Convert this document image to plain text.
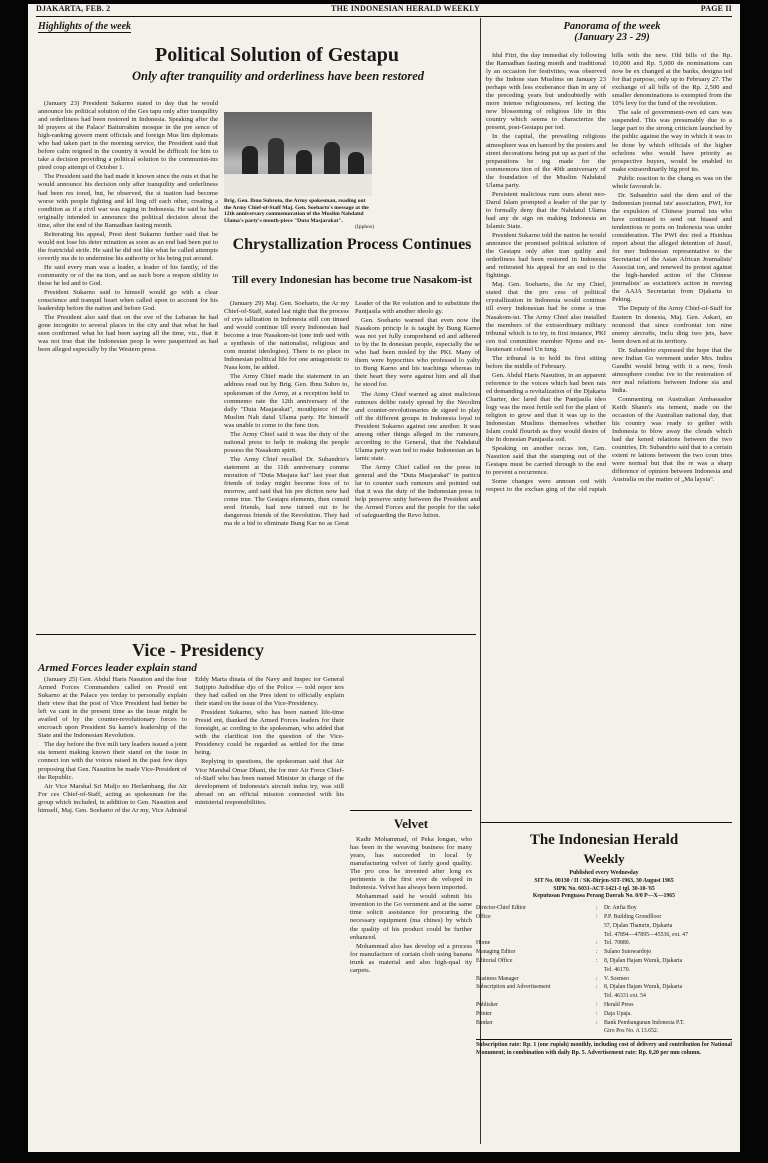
DJAKARTA, FEB. 2	THE INDONESIAN HERALD WEEKLY	PAGE II
Highlights of the week	Panorama of the week
(January 23 - 29)
Political Solution of Gestapu
Only after tranquility and orderliness have been restored

(January 23) President Sukarno stated to day that he would announce his political solution of the Ges tapu only after tranquility and orderliness had been restored in Indonesia. Speaking after the Id prayers at the Palace' Baiturrahim mosque in the pre sence of high-ranking govern ment officials and foreign Mus lim diplomats who had taken part in the morning service, the President said that before calm reigned in the country it would be difficult for him to take a decision providing a political solution to the communist-ins pired coup attempt of October 1.

The President said the had made it known since the outs et that he would announce his decision only after tranquility and orderliness had been res tored, but, he observed, the si tuation had become worse with people fighting and kil ling off each other, creating a condition as if a civil war was raging in Indonesia. He said he had originally intended to announce the political decision about the time, after the end of the Ramadhan fasting month.

Reiterating his appeal, Presi dent Sukarno further said that he would not lose his deter mination as soon as an end had been put to the fratricidal strife. He said he did not like what he called attempts covertly ma de to undermine his authority or his being put around.

He said every man was a leader, a leader of his family, of the community or of the na tion, and as such bore a respon sibility to those he led and to God.

President Sukarno said to himself would go with a clear conscience and tranquil heart when called upon to account for his leadership before the nation and before God.

The President also said that on the eve of the Lebaran he had gone incognito to several places in the city and that what he had seen confirmed what he had been saying all the time, viz., that it was not true that the Indonesian peop le were pauperized as had been alleged especially by the Western press.

Brig. Gen. Ibnu Subroto, the Army spokesman, reading out the Army Chief-of-Staff Maj. Gen. Soeharto's message at the 12th anniversary commemoration of the Muslim Nahdatul Ulama's party's mouth-piece "Duta Masjarakat".
(Ipphos)
Chrystallization Process Continues
Till every Indonesian has become true Nasakom-ist

(January 29) Maj. Gen. Soeharto, the Ar my Chief-of-Staff, stated last night that the process of crys tallization in Indonesia still con tinued and would continue till every Indonesian had become a true Nasakom-ist (one imb ued with a synthesis of the nationalist, religious and com munist ideologies). There is no place in Indonesian political life for one antagonistic to Nasa kom, he added.

The Army Chief made the statement in an address read out by Brig. Gen. Ibnu Subro to, spokesman of the Army, at a reception held to commemo rate the 12th anniversary of the daily "Duta Masjarakat", mouthpiece of the Muslim Nah datul Ulama party. He himself was unable to come to the func tion.

The Army Chief said it was the duty of the national press to help in making the people possess the Nasakom spirit.

The Army Chief recalled Dr. Subandrio's statement at the 11th anniversary comme moration of "Duta Masjara kat" last year that friends of today might become foes of to morrow, and said that his pre diction now had come true. The Gestapu elements, then consid ered friends, had now turned out to be dangerous friends of the Revolution. They had ma de a bid to eliminate Bung Kar no as Great Leader of the Re volution and to substitute the Pantjasila with another ideolo gy.

Gen. Soeharto warned that even now the Nasakom princip le is taught by Bung Karno was not yet fully comprehend ed and adhered to by the In donesian people, especially the se who had been misled by the PKI. Many of them were hypocrites who professed lo yalty to Bung Karno and his teachings whereas in their heart they were against him and all that he stood for.

The Army Chief warned ag ainst malicious rumours delibe rately spread by the Necolim and counter-revolutionaries de signed to play off the different groups in Indonesia loyal to President Sukarno against one another. It was among other things alleged in the rumours, according to the General, that the Nahdatul Ulama party wan ted to make Indonesian an Is lamic state.

The Army Chief called on the press in general and the "Duta Masjarakat" in particu lar to counter such rumours and pointed out that it was the duty of the Indonesian press to help preserve unity between the President and the Armed Forces and the people for the sake of safeguarding the Revo lution.

Vice - Presidency
Armed Forces leader explain stand

(January 25) Gen. Abdul Haris Nasution and the four Armed Forces Commanders called on Presid ent Sukarno at the Palace yes terday to personally explain their view that the post of Vice President had better be left va cant in the present time as the issue might be availed of by the counter-revolutionary forces to encroach upon President Su karno's leadership of the State and the Indonesian Revolution.

The day before the five mili tary leaders issued a joint sta tement making known their stand on the issue in connect ion with the voices raised in the past few days proposing that Gen. Nasution be made Vice-President of the Republic.

Air Vice Marshal Sri Muljo no Herlambang, the Air For ces Chief-of-Staff, acting as spokesman for the group which included, in addition to Gen. Nasution and himself, Maj. Gen. Soeharto of the Ar my, Vice Admiral Eddy Marta dinata of the Navy and Inspec tor General Sutjipto Judodihar djo of the Police — told repor ters they had called on the Pres ident to officially explain their stand on the issue of the Vice-Presidency.

President Sukarno, who has been named life-time Presid ent, thanked the Armed Forces leaders for their foresight, ac cording to the spokesman, who added that with the clarificat ion the question of the Vice-Presidency could be regarded as settled for the time being.

Replying to questions, the spokesman said that Air Vice Marshal Omar Dhani, the for mer Air Force Chief-of-Staff who has been named Minister in charge of the development of Indonesia's aircraft indus try, was still abroad on an official mission connected with his ministerial responsibilities.

Velvet

Kadir Mohammad, of Peka longan, who has been in the weaving business for many years, has succeeded in local ly manufacturing velvet of fairly good quality. The pro cess he invented after long ex periments is the first ever de veloped in Indonesia. Velvet has always been imported.

Mohammad said he would submit his invention to the Go vernment and at the same time solicit assistance for procuring the necessary equipment (ma chines) by which the quality of his product could be further enhanced.

Mohammad also has develop ed a process for manufacture of curtain cloth using banana trunk as material and also high-qual ity carpets.

Idul Fitri, the day immediat ely following the Ramadhan fasting month and traditional ly an occasion for festivities, was observed by the Indone sian Muslims on January 23 perhaps with less exuberance than in any of the preceding years but undoubtedly with more intense religiousness, ref lecting the new blossoming of religious life in this country which seems to characterize the present, post-Gestapu per iod.

In the capital, the prevailing religious atmosphere was en hanced by the posters and street decorations being put up as part of the preparations be ing made for the commemora tion of the 40th anniversary of the foundation of the Muslim Nahdatul Ulama party.

Persistent malicious rum ours about neo-Darul Islam prompted a leader of the par ty to formally deny that the Nahdatul Ulama had any de sign on making Indonesia an Islamic State.

President Sukarno told the nation he would announce the promised political solution of the Gestapu only after tran quility and orderliness had been restored in Indonesia and reiterated his appeal for an end to the fightings.

Maj. Gen. Soeharto, the Ar my Chief, stated that the pro cess of political crystallization in Indonesia would continue till every Indonesian had be come a true Nasakom-ist. The Army Chief also installed the members of the extraordinary military tribunal which is to try, in first instance, PKI cen tral committee member Njono and ex-lieutenant colonel Un tung.

The tribunal is to hold its first sitting before the middle of February.

Gen. Abdul Haris Nasution, in an apparent reference to the voices which had been rais ed demanding a revitalization of the Djakarta Charter, dec lared that the Pantjasila ideo logy was the most fertile soil for the plant of religion to grow and that it was up to the Indonesian Muslims themselves whether Islam could flourish as they would desire of the In donesian Pantjasila soil.

Speaking on another occas ion, Gen. Nasution said that the stamping out of the Gestapu must be carried through to the end to prevent a recurrence.

Some changes were announ ced with respect to the exchan ging of the old rupiah bills with the new. Old bills of the Rp. 10,000 and Rp. 5,000 de nominations can now be ex changed at the banks, designa ted for that purpose, only up to February 27. The exchange of all bills of the Rp. 2,500 and smaller denominations is exempted from the 10% levy for the fund of the revolution.

The sale of government-own ed cars was suspended. This was presumably due to a large part to the strong criticism launched by the public against the way in which it was to be done by which officials of the higher echelons who would have priority as prospective buyers, would be enabled to make extraordinarily big prof its.

Public reaction to the chang es was on the whole favourab le.

Dr. Subandrio said the dem and of the Indonesian journal ists' association, PWI, for the expulsion of Chinese journal ists who have continued to send out biased and tendentious re ports on Indonesia was under consideration. The PWI dec ried a Hsinhua report about the alleged detention of Jusuf, for mer Indonesian representative to the Secretariat of the Asian African Journalists' Associat ion, and renewed its protest against the high-handed action of the Chinese journalists' as sociation's action in moving the AAJA Secretariat from Djakarta to Peking.

The Deputy of the Army Chief-of-Staff for Eastern In donesia, Maj. Gen. Askari, an nounced that since confrontat ion nine enemy aircrafts, inclu ding two jets, have been down ed at its territory.

Dr. Subandrio expressed the hope that the new Indian Go vernment under Mrs. Indira Gandhi would bring with it a new, fresh atmosphere conduc ive to the restoration of nor mal relations between Indone sia and India.

Commenting on Australian Ambassador Keith Shann's sta tement, made on the occasion of the Australian national day, that his country was ready to gether with Indonesia to blow away the clouds which had dar kened relations between the two countries, Dr. Subandrio said that to a certain extent re lations between the two coun tries were normal but that the re was a sharp difference of opinion between Indonesia and Australia on the matter of „Ma laysia".

The Indonesian Herald
Weekly
Published every Wednesday
SIT No. 00130 / II / SK-Dirjen-SIT-1963, 30 August 1965
SIPK No. 6031-ACT-1421-I tgl. 30-10-'65
Keputusan Penguasa Perang Daerah No. 0/0 P—X—1965
Director-Chief Editor	:	Dr. Anfia Boy
Office	:	P.P. Building Grondfloor
57, Djalan Thamrin, Djakarta
Tel. 47894—47895—45536, ext. 47
Home	:	Tel. 70880.
Managing Editor	:	Sulano Sutowardojo
Editorial Office	:	8, Djalan Hajam Wuruk, Djakarta
Tel. 46170.
Business Manager	:	V. Soemeo
Subscription and Advertisement	:	8, Djalan Hajam Wuruk, Djakarta
Tel. 46331 ext. 54
Publisher	:	Herald Press
Printer	:	Daja Upaja.
Banker	:	Bank Pembangunan Indonesia P.T.
Giro Pos No. A 13.652.
Subscription rate: Rp. 1 (one rupiah) monthly, including cost of delivery and contribution for National Monument; in combination with daily Rp. 5. Advertisement rate: Rp. 0,20 per mm column.
